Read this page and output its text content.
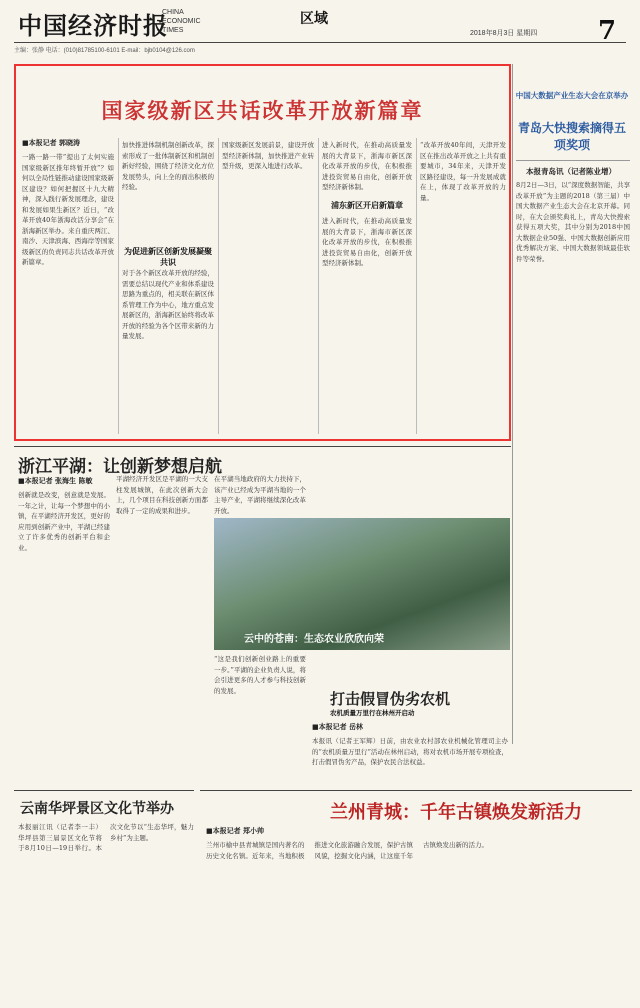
中国经济时报
CHINA ECONOMIC TIMES
区域
2018年8月3日 星期四 7
主编：张静 电话：(010)81785100-6101 E-mail：bjb0104@126.com
国家级新区共话改革开放新篇章
■本报记者 郭晓涛
一路一路一带”提出了太何实施国家级新区推年终暂开放”？如何以全局性链推动建设国家级新区建设？如何把握区十九大精神，深入践行新发展理念，建设和发展如果生新区？近日，“改革开放40年浙海改活分享会”在浙海新区举办。来自重庆两江、南沙、天津滨海、西海岸等国家级新区的负责同志共话改革开放新篇章。
加快推进体制机制创新改革，探索形成了一批体制新区和机制创新好经验，围绕了经济文化方位发展势头，向上全的面出积极的经验。
为促进新区创新发展凝聚共识
对于各个新区改革开放的经验，需要总结以现代产业和体系建设思路为重点的，相关联在新区体系管理工作为中心，地方重点发展新区的，浙海新区始终将改革开放的经验为各个区带来新的力量发展。
国家级新区发展前景，建设开放型经济新体制，加快推进产业转型升级，更深入地进行改革。
浦东新区开启新篇章
进入新时代，在推动高质量发展的大背景下，浙海市新区深化改革开放的步伐，在积极推进投资贸易自由化，创新开放型经济新体制。
进入新时代，在推动高质量发展的大背景下，浙海市新区深化改革开放的步伐，在积极推进投资贸易自由化，创新开放型经济新体制。
“改革开放40年间，天津开发区在推出改革开放之上共有重要城市，34年来，天津开发区路径建设，每一升发展成就在上，体现了改革开放的力量。
中国大数据产业生态大会在京举办
青岛大快搜索摘得五项奖项
本报青岛讯（记者陈业增）
8月2日—3日，以“深度数据智能，共享改革开放”为主题的2018（第三届）中国大数据产业生态大会在北京开幕。同时，在大会颁奖典礼上，青岛大快搜索获得五项大奖，其中分别为2018中国大数据企业50强、中国大数据创新应用优秀解决方案、中国大数据领域最佳软件等荣誉。
浙江平湖：让创新梦想启航
■本报记者 张海生 陈敏
创新就是改变，创意就是发展。一年之计，让每一个梦想中的小镇，在平湖经济开发区，更好的应用到创新产业中，平湖已经建立了许多优秀的创新平台和企业。
平湖经济开发区是平湖的一大支柱发展城镇，在此次创新大会上，几个项目在科技创新方面都取得了一定的成果和进步。
在平湖当地政府的大力扶持下，该产业已经成为平湖当地的一个主导产业，平湖将继续深化改革开放。
云中的苍南：生态农业欣欣向荣
“这是我们创新创业路上的重要一步。”平湖的企业负责人说，将会引进更多的人才参与科技创新的发展。	打击假冒伪劣农机
农机质量万里行在林州开启动
■本报记者 岳林
本报讯（记者王军辉）日前，由农业农村部农业机械化管理司主办的“农机质量万里行”活动在林州启动，将对农机市场开展专项检查，打击假冒伪劣产品，保护农民合法权益。
兰州青城：千年古镇焕发新活力
■本报记者 郑小帅
兰州市榆中县青城镇是国内著名的历史文化名镇。近年来，当地积极推进文化旅游融合发展，保护古镇风貌，挖掘文化内涵，让这座千年古镇焕发出新的活力。
云南华坪景区文化节举办
本报丽江讯（记者李一丰）华坪县第三届景区文化节将于8月10日—19日举行。本次文化节以“生态华坪，魅力乡村”为主题。
